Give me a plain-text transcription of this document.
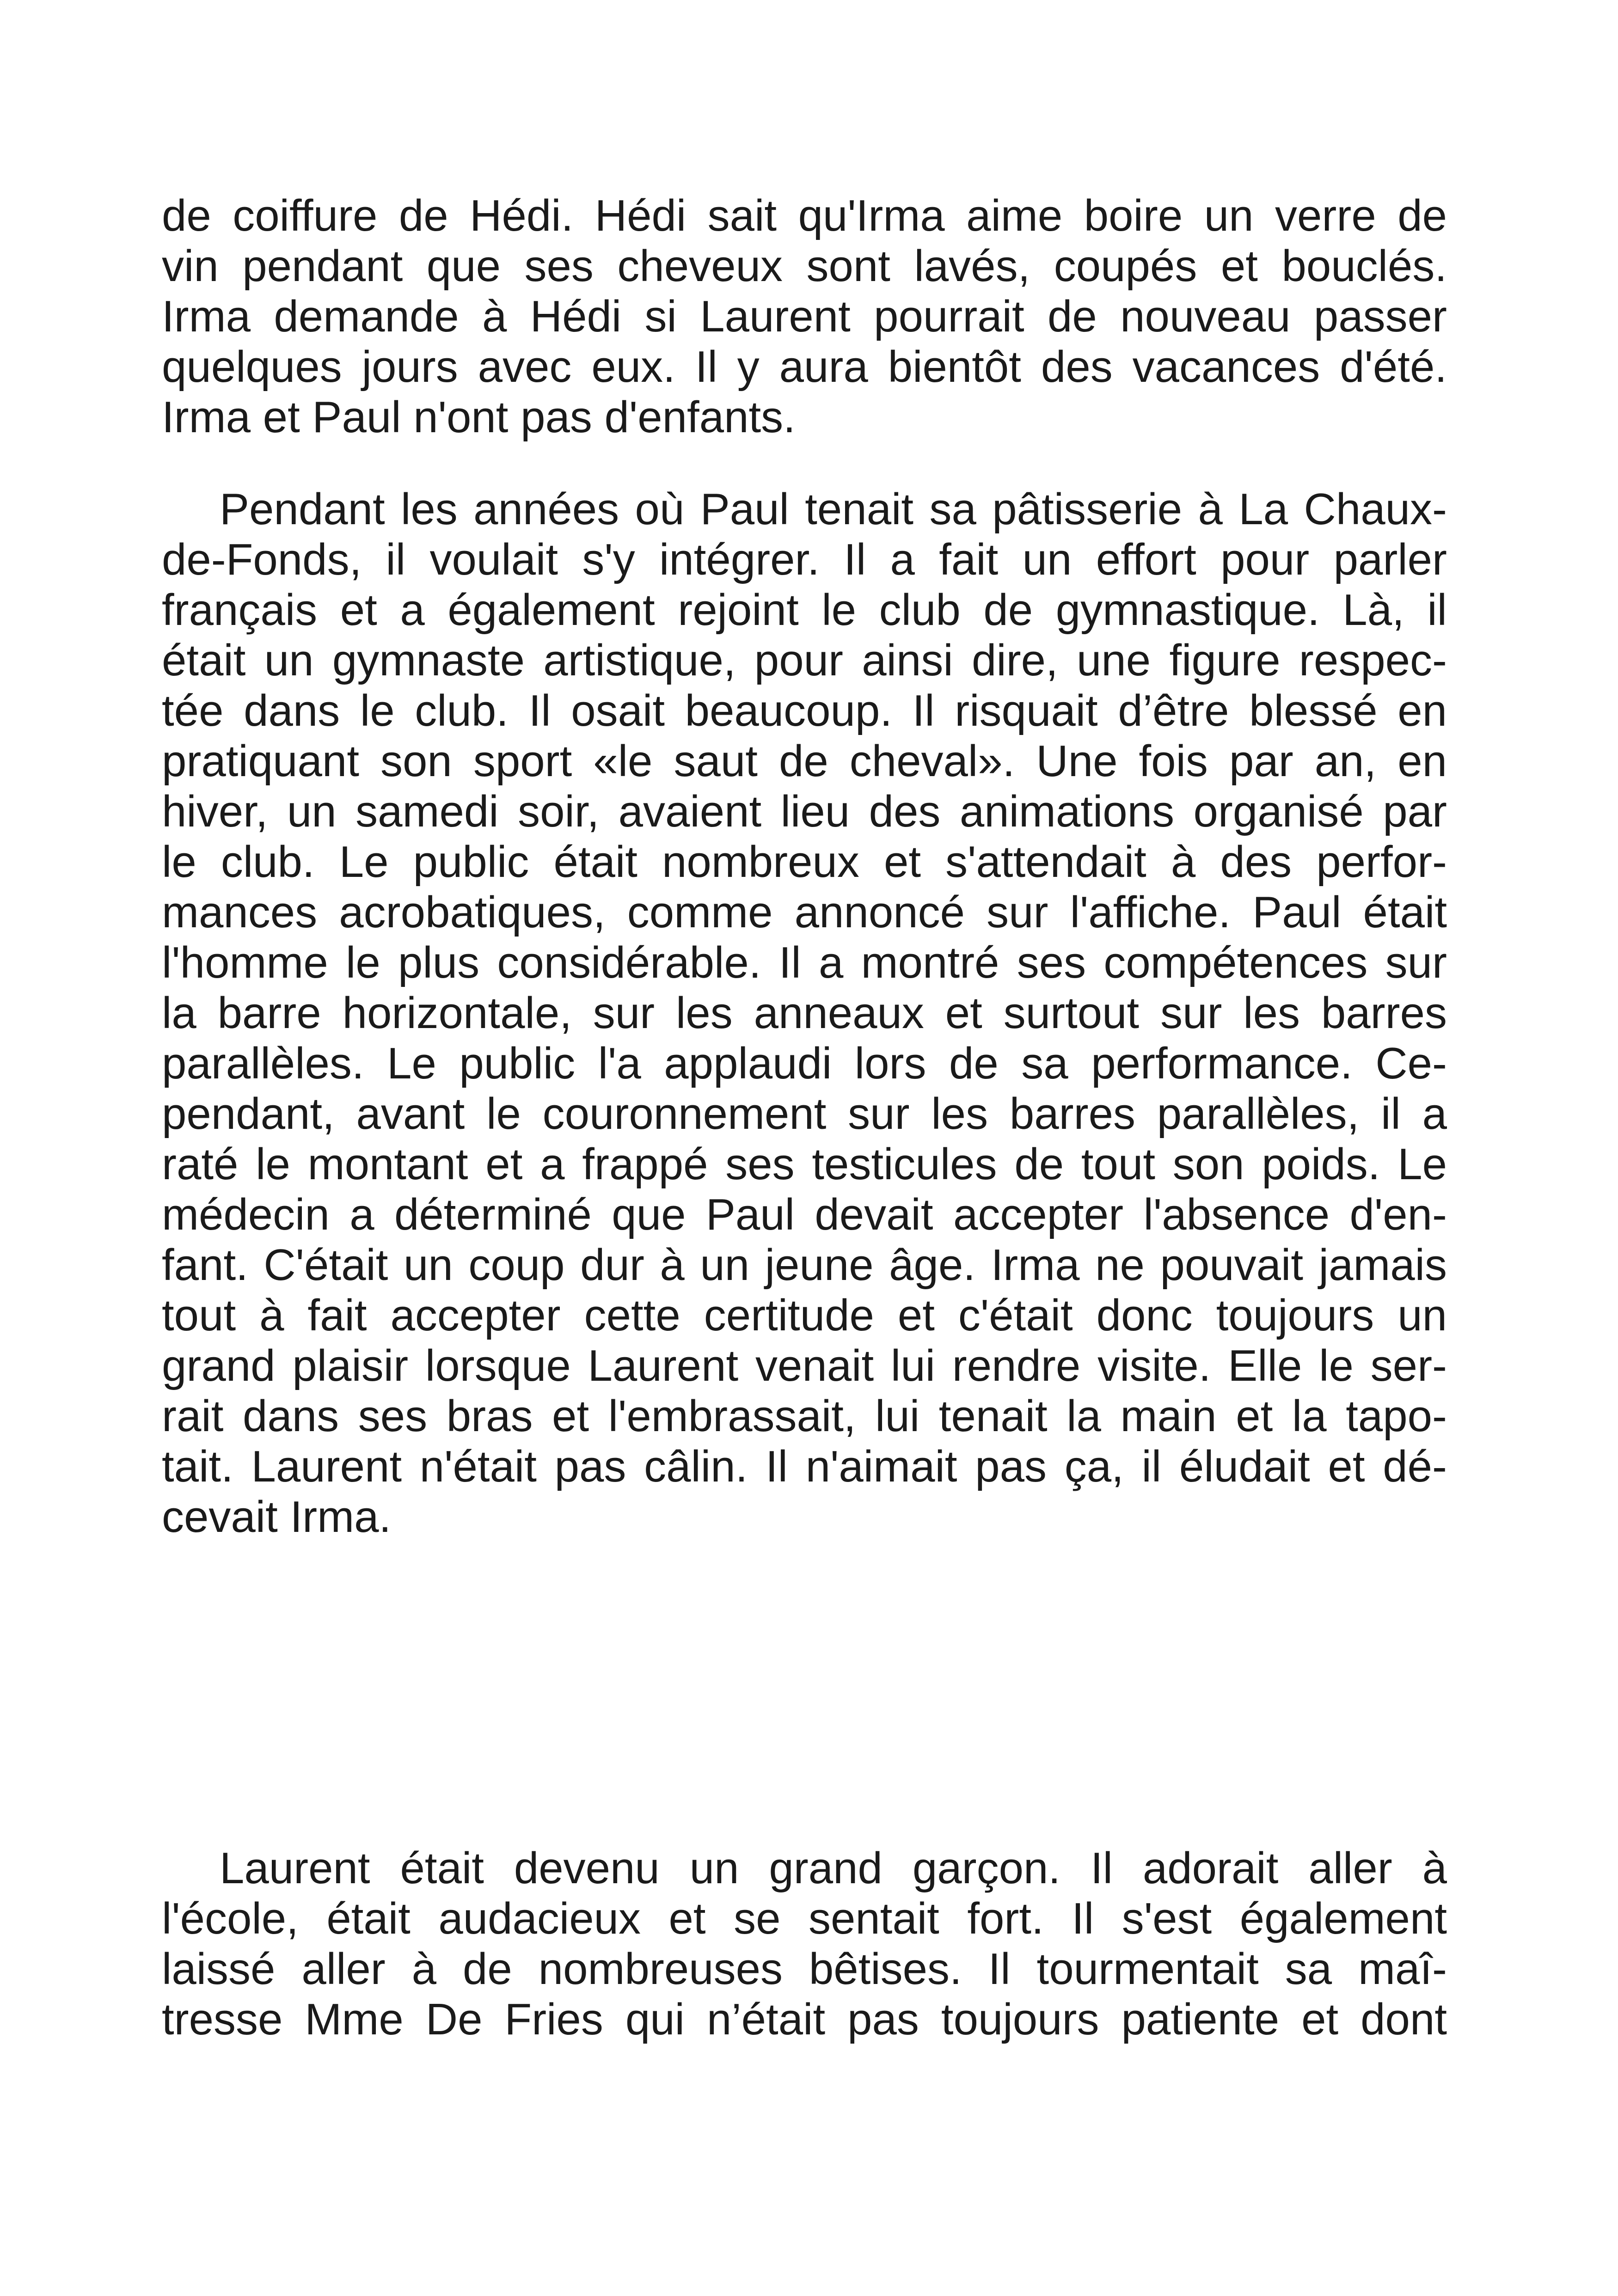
de coiffure de Hédi. Hédi sait qu'Irma aime boire un verre de
vin pendant que ses cheveux sont lavés, coupés et bouclés.
Irma demande à Hédi si Laurent pourrait de nouveau passer
quelques jours avec eux. Il y aura bientôt des vacances d'été.
Irma et Paul n'ont pas d'enfants.
Pendant les années où Paul tenait sa pâtisserie à La Chaux-
de-Fonds, il voulait s'y intégrer. Il a fait un effort pour parler
français et a également rejoint le club de gymnastique. Là, il
était un gymnaste artistique, pour ainsi dire, une figure respec-
tée dans le club. Il osait beaucoup. Il risquait d’être blessé en
pratiquant son sport «le saut de cheval». Une fois par an, en
hiver, un samedi soir, avaient lieu des animations organisé par
le club. Le public était nombreux et s'attendait à des perfor-
mances acrobatiques, comme annoncé sur l'affiche. Paul était
l'homme le plus considérable. Il a montré ses compétences sur
la barre horizontale, sur les anneaux et surtout sur les barres
parallèles. Le public l'a applaudi lors de sa performance. Ce-
pendant, avant le couronnement sur les barres parallèles, il a
raté le montant et a frappé ses testicules de tout son poids. Le
médecin a déterminé que Paul devait accepter l'absence d'en-
fant. C'était un coup dur à un jeune âge. Irma ne pouvait jamais
tout à fait accepter cette certitude et c'était donc toujours un
grand plaisir lorsque Laurent venait lui rendre visite. Elle le ser-
rait dans ses bras et l'embrassait, lui tenait la main et la tapo-
tait. Laurent n'était pas câlin. Il n'aimait pas ça, il éludait et dé-
cevait Irma.
Laurent était devenu un grand garçon. Il adorait aller à
l'école, était audacieux et se sentait fort. Il s'est également
laissé aller à de nombreuses bêtises. Il tourmentait sa maî-
tresse Mme De Fries qui n’était pas toujours patiente et dont
